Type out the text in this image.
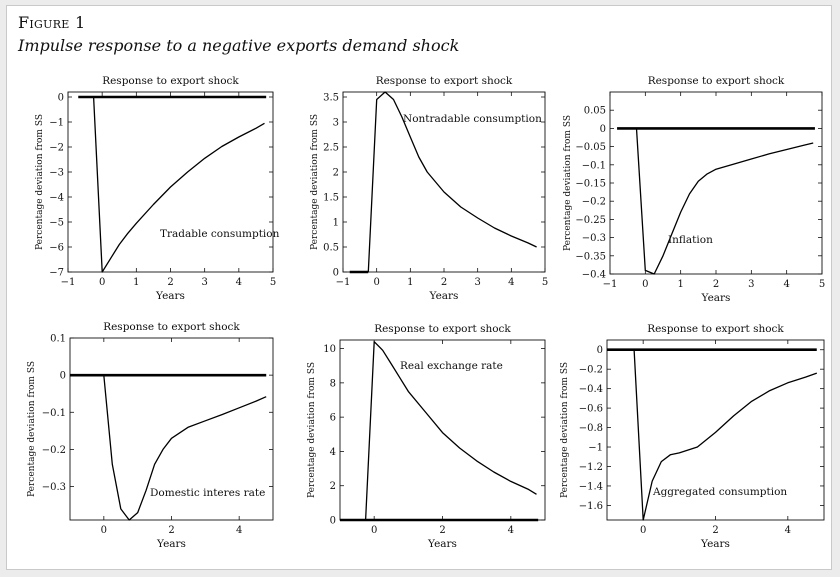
Figure 1
Impulse response to a negative exports demand shock
Response to export shock
−1 0	1	2	3	4	5
0
−1
−2
−3
−4
−5
−6
−7
Years
Percentage deviation from SS	Tradable consumption
Response to export shock
−1 0	1	2	3	4	5
0
0.5
1
1.5
2
2.5
3
3.5
Years
Percentage deviation from SS	Nontradable consumption
Response to export shock
−1 0	1	2	3	4	5
0.05
0
−0.05
−0.1
−0.15
−0.2
−0.25
−0.3
−0.35
−0.4
Years
Percentage deviation from SS	Inflation
Response to export shock
0	2	4
0.1
0
−0.1
−0.2
−0.3
Years
Percentage deviation from SS	Domestic interes rate
Response to export shock
0	2	4
0
2
4
6
8
10
Years
Percentage deviation from SS	Real exchange rate
Response to export shock
0	2	4
0
−0.2
−0.4
−0.6
−0.8
−1
−1.2
−1.4
−1.6
Years
Percentage deviation from SS	Aggregated consumption
